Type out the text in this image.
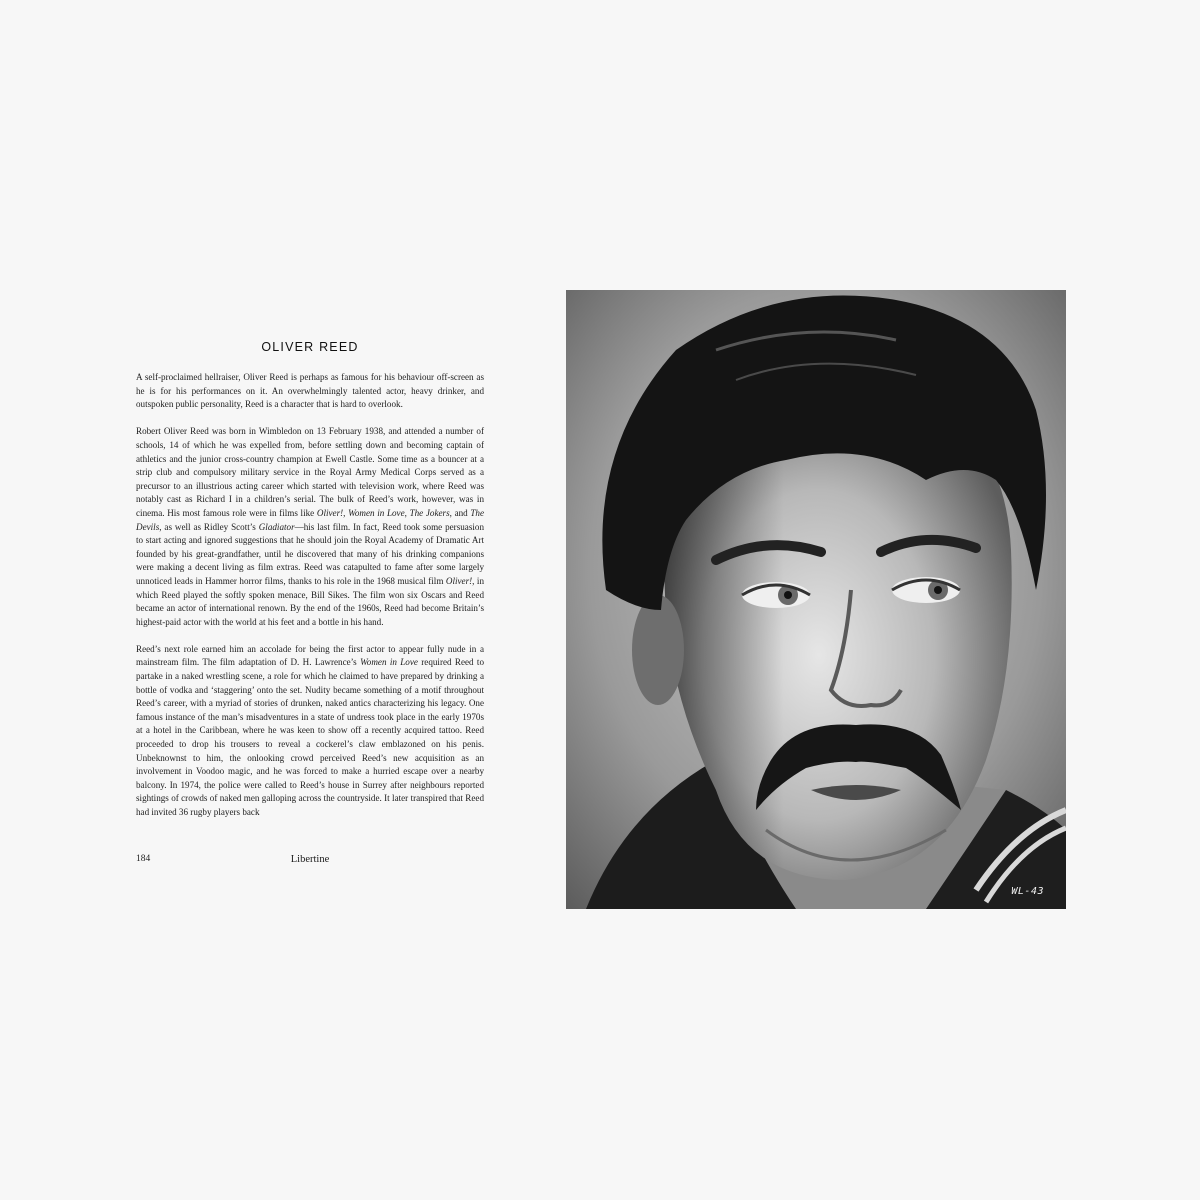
OLIVER REED

A self-proclaimed hellraiser, Oliver Reed is perhaps as famous for his behaviour off-screen as he is for his performances on it. An overwhelmingly talented actor, heavy drinker, and outspoken public personality, Reed is a character that is hard to overlook.

Robert Oliver Reed was born in Wimbledon on 13 February 1938, and attended a number of schools, 14 of which he was expelled from, before settling down and becoming captain of athletics and the junior cross-country champion at Ewell Castle. Some time as a bouncer at a strip club and compulsory military service in the Royal Army Medical Corps served as a precursor to an illustrious acting career which started with television work, where Reed was notably cast as Richard I in a children’s serial. The bulk of Reed’s work, however, was in cinema. His most famous role were in films like Oliver!, Women in Love, The Jokers, and The Devils, as well as Ridley Scott’s Gladiator—his last film. In fact, Reed took some persuasion to start acting and ignored suggestions that he should join the Royal Academy of Dramatic Art founded by his great-grandfather, until he discovered that many of his drinking companions were making a decent living as film extras. Reed was catapulted to fame after some largely unnoticed leads in Hammer horror films, thanks to his role in the 1968 musical film Oliver!, in which Reed played the softly spoken menace, Bill Sikes. The film won six Oscars and Reed became an actor of international renown. By the end of the 1960s, Reed had become Britain’s highest-paid actor with the world at his feet and a bottle in his hand.

Reed’s next role earned him an accolade for being the first actor to appear fully nude in a mainstream film. The film adaptation of D. H. Lawrence’s Women in Love required Reed to partake in a naked wrestling scene, a role for which he claimed to have prepared by drinking a bottle of vodka and ‘staggering’ onto the set. Nudity became something of a motif throughout Reed’s career, with a myriad of stories of drunken, naked antics characterizing his legacy. One famous instance of the man’s misadventures in a state of undress took place in the early 1970s at a hotel in the Caribbean, where he was keen to show off a recently acquired tattoo. Reed proceeded to drop his trousers to reveal a cockerel’s claw emblazoned on his penis. Unbeknownst to him, the onlooking crowd perceived Reed’s new acquisition as an involvement in Voodoo magic, and he was forced to make a hurried escape over a nearby balcony. In 1974, the police were called to Reed’s house in Surrey after neighbours reported sightings of crowds of naked men galloping across the countryside. It later transpired that Reed had invited 36 rugby players back

184	Libertine
WL-43
